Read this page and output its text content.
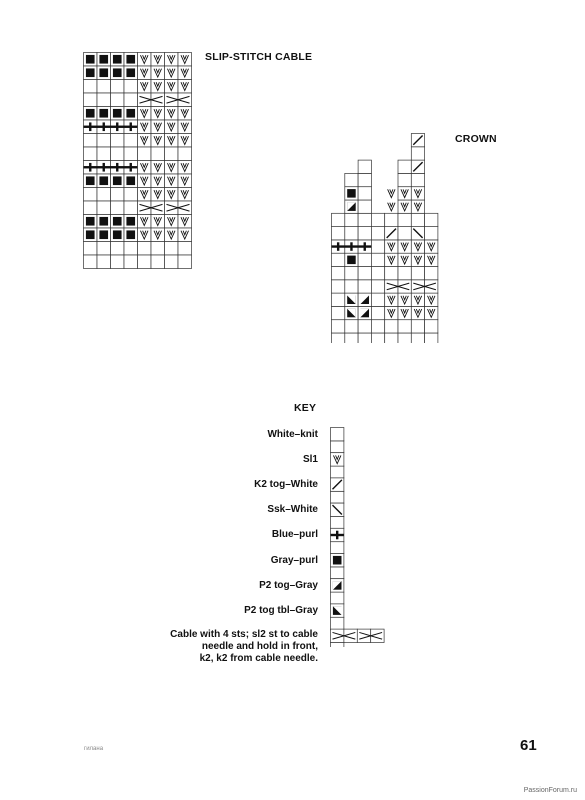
SLIP-STITCH CABLE
CROWN
KEY
White–knit
Sl1
K2 tog–White
Ssk–White
Blue–purl
Gray–purl
P2 tog–Gray
P2 tog tbl–Gray
Cable with 4 sts; sl2 st to cable
needle and hold in front,
k2, k2 from cable needle.
гилана	61
PassionForum.ru
